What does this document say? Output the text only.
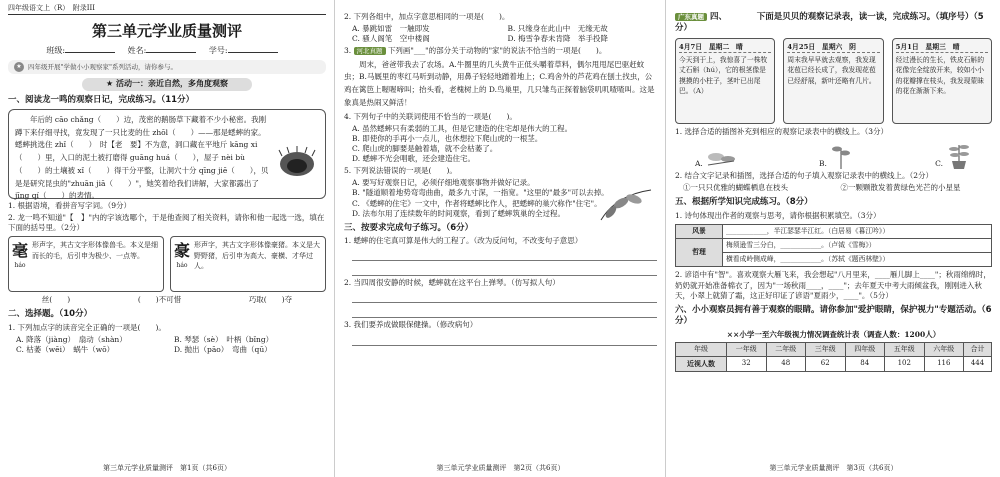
四年级语文上（R）　附录III
第三单元学业质量测评
班级:	姓名:	学号:
★ 四年级开展"学做小小观察家"系列活动，请你参与。
★ 活动一：亲近自然，多角度观察
一、阅读龙一鸣的观察日记，完成练习。（11分）
年后的 cāo chǎng（　　）边，茂密的鹅肠草下藏着不少小秘密。我刚蹲下来仔细寻找，竟发现了一只比麦的仕 zhōl（　　）——那是蟋蟀的家。蟋蟀挑选住 zhǐ（　　）　时【老　要】不为意，洞口藏在平地斤 kāng xi（　　）里，入口的泥土被打磨得 guāng huá（　　），屋子 nèi bù（　　）的土壤被 xǐ（　　）得干分平整，让洞穴十分 qīng jiē（　　），贝是是研究昆虫的"zhuān jiā（　　）"，她笑着给我们讲解，大家都露出了 jīng qí（　　）的表情。
1. 根据语境，看拼音写字词。（9分）
2. 龙一鸣不知道"【　】"内的字该选哪个，于是他查阅了相关资料，请你和他一起选一选，填在下面的括号里。（2分）
毫
háo
形声字，其古文字形体像兽毛。本义是细而长的毛，后引申为极少、一点等。	豪
háo
形声字，其古文字形体像豪猪。本义是大野野猪，后引申为高大、豪横、才华过人。
丝(　　)	(　　)不可惜	巧取(　　)夺
二、选择题。（10分）
1. 下列加点字的读音完全正确的一项是(　　)。
A. 降落（jiàng）　扇动（shàn）	B. 琴瑟（sè）　叶柄（bǐng）
C. 枯萎（wēi）　蜗牛（wō）	D. 抛出（pāo）　弯曲（qū）
第三单元学业质量测评　第1页（共6页）
2. 下列各组中，加点字意思相同的一项是(　　)。
A. 暴跳如雷　一触即发	B. 只缘身在此山中　无缘无故
C. 骚人阁笔　空中楼阁	D. 梅雪争春未肯降　举手投降
3. 河北真题 下列画"___"的部分关于动物的"家"的说法不恰当的一项是(　　)。
周末，爸爸带我去了农场。A.牛圈里的几头黄牛正低头嚼着草料，偶尔甩甩尾巴驱赶蚊虫；B.马厩里的枣红马听到动静，用鼻子轻轻地蹭着地上；C.鸡舍外的芦花鸡在刨土找虫，公鸡在篱笆上喔喔啼叫；抬头看，老槐树上的 D.鸟巢里，几只雏鸟正探着脑袋叽叽喳喳叫。这是象真是热闹又鲜活！
4. 下列句子中的关联词使用不恰当的一项是(　　)。
A. 虽然蟋蟀只有柔弱的工具，但是它建造的住宅却是伟大的工程。
B. 即使你的手再小一点儿，也休想拉下爬山虎的一根茎。
C. 爬山虎的脚要是触着墙，就不会枯萎了。
D. 蟋蟀不光会唱歌，还会建造住宅。
5. 下列说法错误的一项是(　　)。
A. 要写好观察日记，必须仔细地观察事物并做好记录。
B. "隧道顺着地势弯弯曲曲，最多九寸深，一指宽。"这里的"最多"可以去掉。
C. 《蟋蟀的住宅》一文中，作者将蟋蟀比作人，把蟋蟀的巢穴称作"住宅"。
D. 法布尔用了连续数年的时间观察，看到了蟋蟀筑巢的全过程。
三、按要求完成句子练习。（6分）
1. 蟋蟀的住宅真可算是伟大的工程了。（改为反问句，不改变句子意思）
2. 当四周很安静的时候，蟋蟀就在这平台上弹琴。（仿写拟人句）
3. 我们要养成做眼保健操。（修改病句）
第三单元学业质量测评　第2页（共6页）
广东真题 四、　　　　下面是贝贝的观察记录表，读一读，完成练习。（填序号）（5分）
4月7日　星期二　晴
今天到于上，我惊喜了一株牧丈石斛（hú），它的根茎像是摸摸的小柱子，茎叶已出尾巴。（A）
4月25日　星期六　阴
周末我早早就去观察，我发现花苞已经长成了，我发现花苞已经舒展，新叶还略有几片。
5月1日　星期三　晴
经过漫长的生长，铁皮石斛的花像完全绽放开来，较如小小的花瓣撑在枝头，我发现蒙昧的花在渐渐下来。
1. 选择合适的插图补充到相应的观察记录表中的横线上。（3分）
A.	B.	C.
2. 结合文字记录和插图，选择合适的句子填入观察记录表中的横线上。（2分）
①一只只优雅的蝴蝶栖息在枝头	②一颗颗散发着黄绿色光芒的小星星
五、根据所学知识完成练习。（8分）
1. 诗句体现出作者的观察与思考，请你根据积累填空。（3分）
风景	____________，半江瑟瑟半江红。（白居易《暮江吟》）
哲理	梅须逊雪三分白，____________。（卢钺《雪梅》）
	横看成岭侧成峰，____________。（苏轼《题西林壁》）
2. 谚语中有"智"。喜欢观察大雁飞来，我会想起"八月里来，____雁儿脚上____"；秋雨绵绵时，奶奶就开始准备棉衣了，因为"一场秋雨____，____"；去年夏天中考大雨倾盆我，刚刚进入秋天，小翠上就猜了霜，这正好印证了谚语"夏雨少，____"。（5分）
六、小小观察员拥有善于观察的眼睛。请你参加"爱护眼睛，保护视力"专题活动。（6分）
××小学一至六年级视力情况调查统计表（调查人数：1200人）
年级	一年级	二年级	三年级	四年级	五年级	六年级	合计
近视人数	32	48	62	84	102	116	444
第三单元学业质量测评　第3页（共6页）
